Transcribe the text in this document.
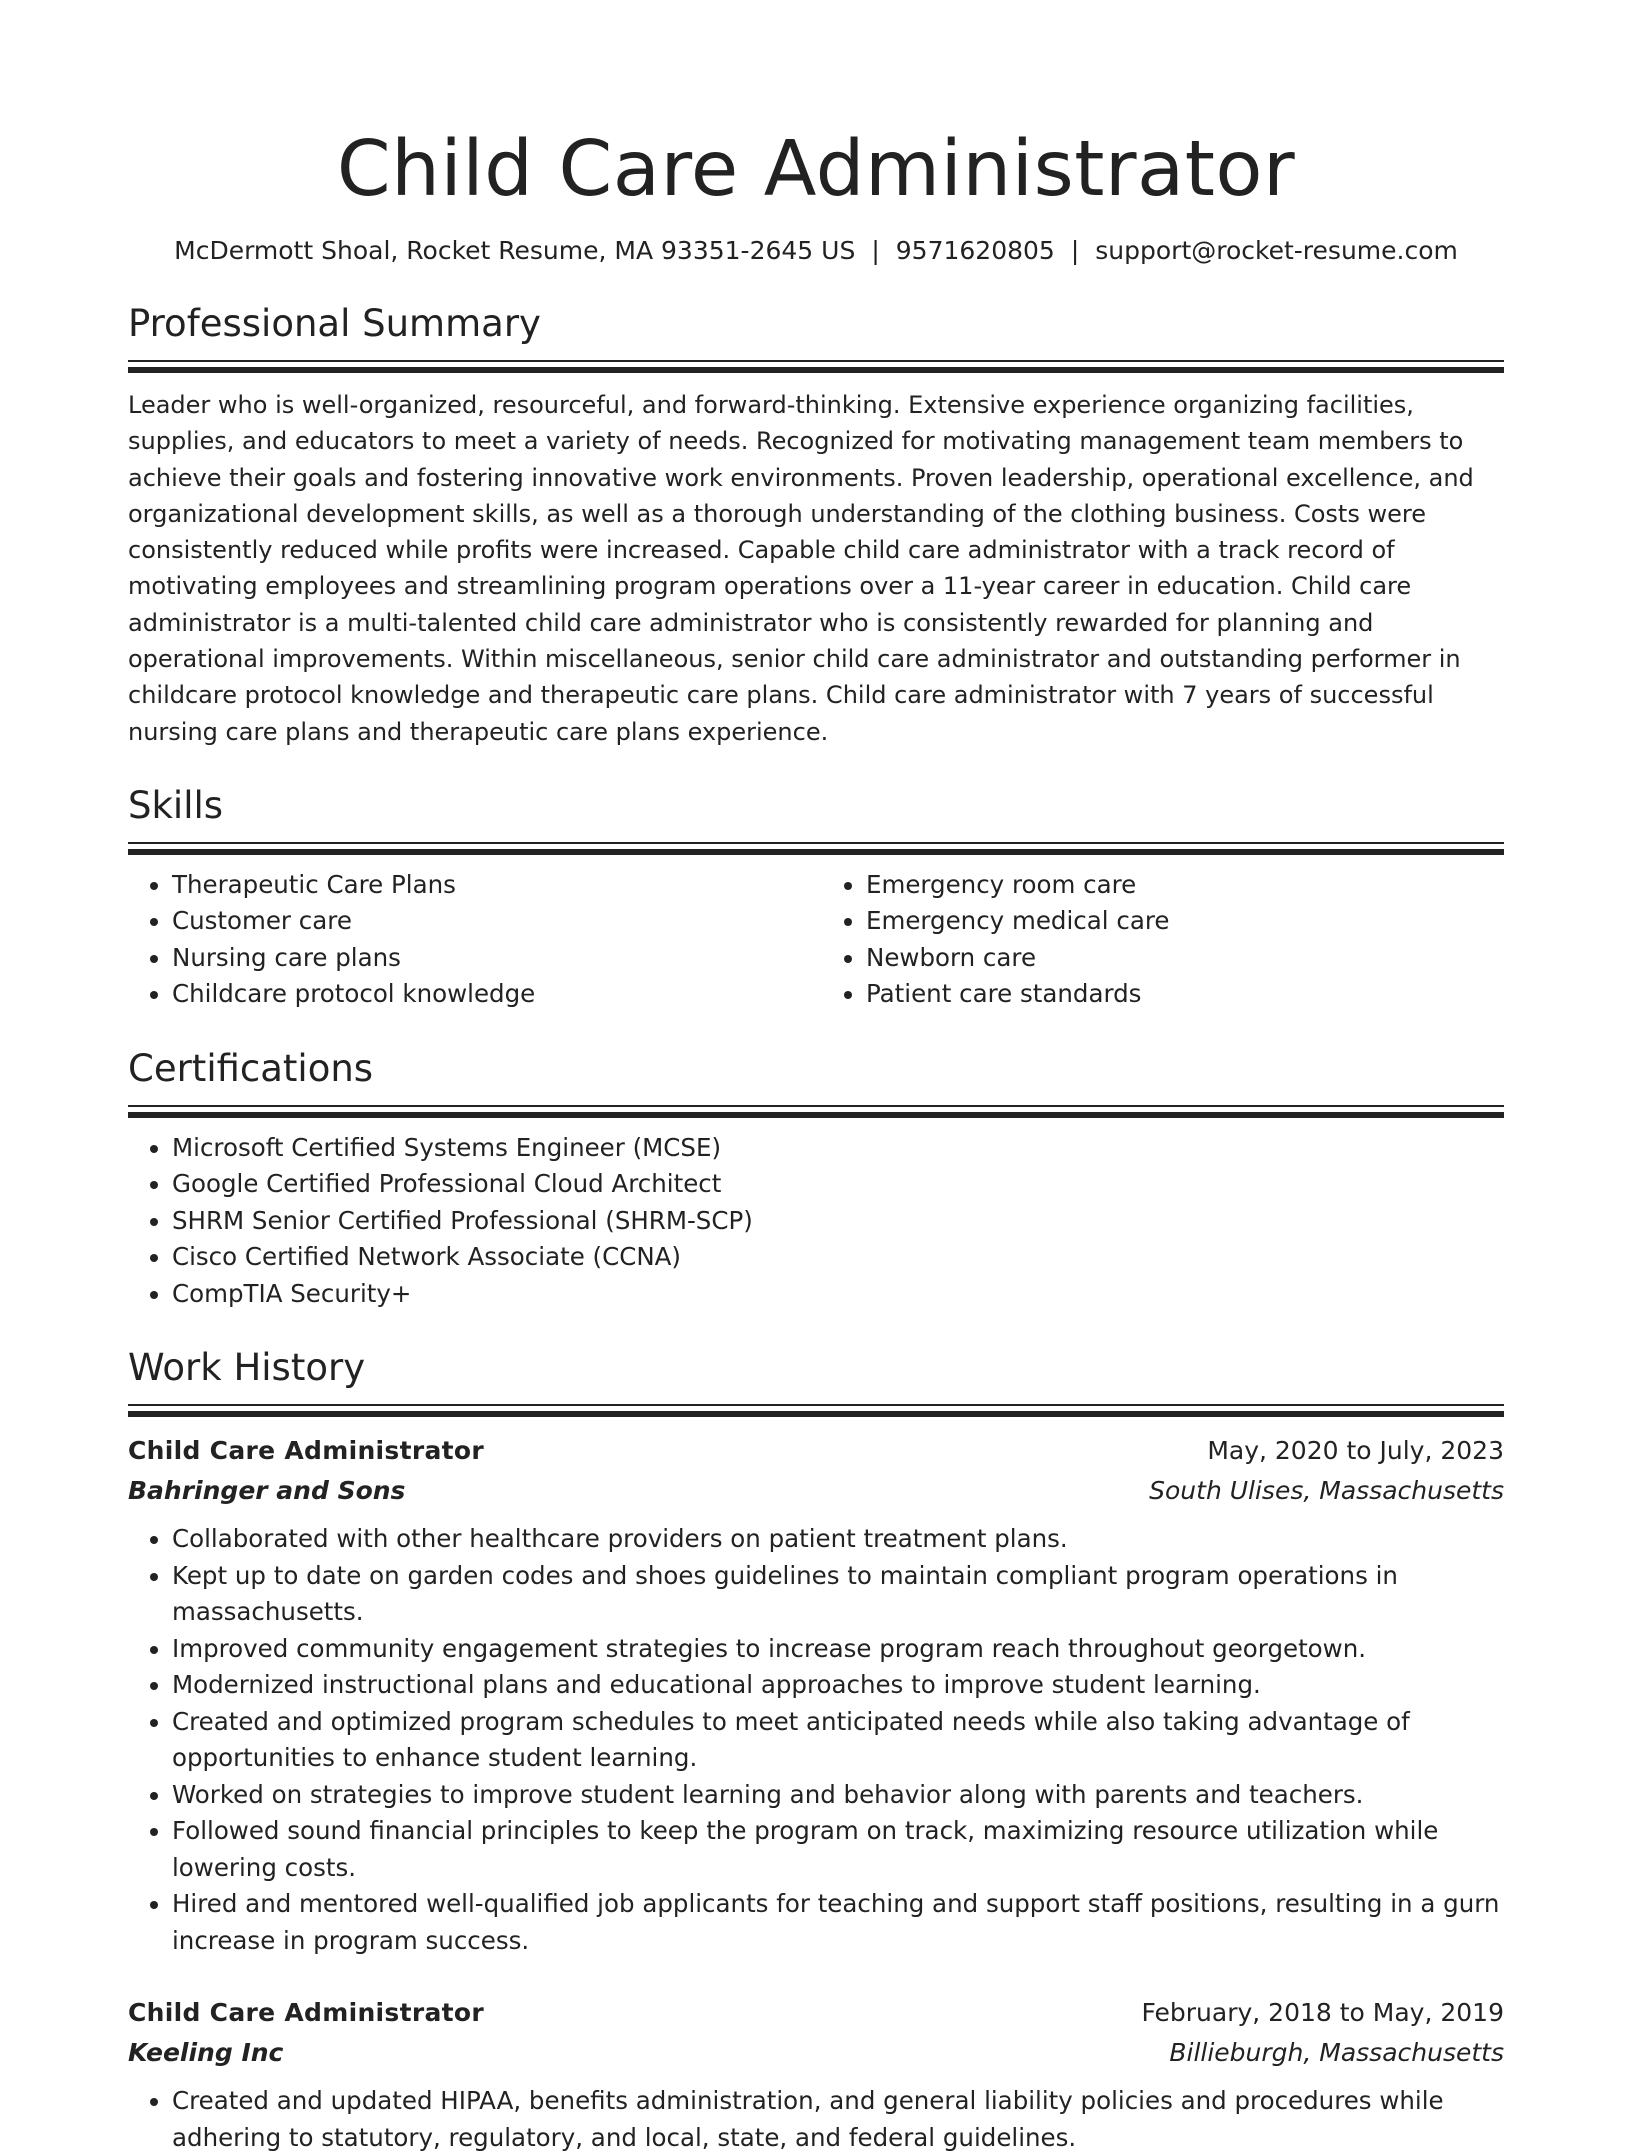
Child Care Administrator
McDermott Shoal, Rocket Resume, MA 93351-2645 US | 9571620805 | support@rocket-resume.com
Professional Summary

Leader who is well-organized, resourceful, and forward-thinking. Extensive experience organizing facilities, supplies, and educators to meet a variety of needs. Recognized for motivating management team members to achieve their goals and fostering innovative work environments. Proven leadership, operational excellence, and organizational development skills, as well as a thorough understanding of the clothing business. Costs were consistently reduced while profits were increased. Capable child care administrator with a track record of motivating employees and streamlining program operations over a 11-year career in education. Child care administrator is a multi-talented child care administrator who is consistently rewarded for planning and operational improvements. Within miscellaneous, senior child care administrator and outstanding performer in childcare protocol knowledge and therapeutic care plans. Child care administrator with 7 years of successful nursing care plans and therapeutic care plans experience.

Skills
• Therapeutic Care Plans
• Customer care
• Nursing care plans
• Childcare protocol knowledge
• Emergency room care
• Emergency medical care
• Newborn care
• Patient care standards
Certifications
• Microsoft Certified Systems Engineer (MCSE)
• Google Certified Professional Cloud Architect
• SHRM Senior Certified Professional (SHRM-SCP)
• Cisco Certified Network Associate (CCNA)
• CompTIA Security+
Work History
Child Care Administrator	May, 2020 to July, 2023
Bahringer and Sons	South Ulises, Massachusetts
• Collaborated with other healthcare providers on patient treatment plans.
• Kept up to date on garden codes and shoes guidelines to maintain compliant program operations in massachusetts.
• Improved community engagement strategies to increase program reach throughout georgetown.
• Modernized instructional plans and educational approaches to improve student learning.
• Created and optimized program schedules to meet anticipated needs while also taking advantage of opportunities to enhance student learning.
• Worked on strategies to improve student learning and behavior along with parents and teachers.
• Followed sound financial principles to keep the program on track, maximizing resource utilization while lowering costs.
• Hired and mentored well-qualified job applicants for teaching and support staff positions, resulting in a gurn increase in program success.
Child Care Administrator	February, 2018 to May, 2019
Keeling Inc	Billieburgh, Massachusetts
• Created and updated HIPAA, benefits administration, and general liability policies and procedures while adhering to statutory, regulatory, and local, state, and federal guidelines.
